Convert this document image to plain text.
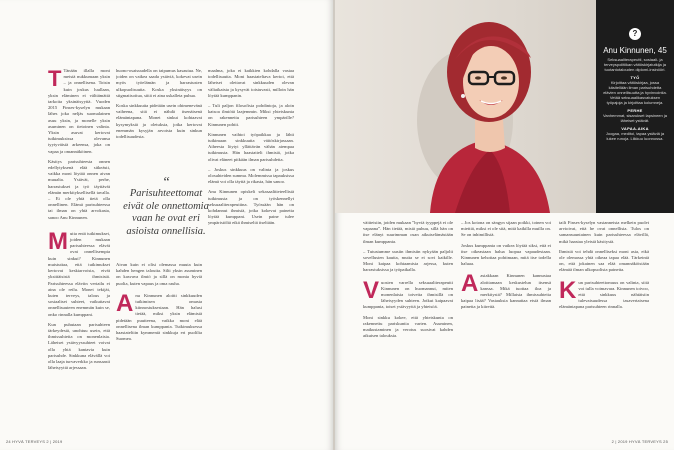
T Tänään illalla moni meistä nukkumaan yksin – ja onnellisena. Toisin kuin joskus luullaan, yksin eläminen ei välttämättä tarkoita yksinäisyyttä. Vuoden 2015 Finses-kyselyn mukaan lähes joka neljäs suomalainen asuu yksin, ja monelle yksin asuminen on tietoinen valinta. Yksin asuvat kertovat tutkimuksissa olevansa tyytyväisiä arkeensa, joka on vapaa ja omannäköinen.

Käsitys parisuhteesta onnen edellytyksenä elää sitkeästi, vaikka moni löytää onnen aivan muualta. Ystävät, perhe, harrastukset ja työ täyttävät elämän merkityksellisellä tavalla. – Ei ole yhtä tietä olla onnellinen. Elämä parisuhteessa tai ilman on yhtä arvokasta, sanoo Anu Kinnunen.

Mutta entä tutkimukset, joiden mukaan parisuhteessa elävät ovat onnellisempia kuin sinkut? Kinnunen muistuttaa, että tutkimukset kertovat keskiarvoista, eivät yksittäisistä ihmisistä. Parisuhteessa eläviin vertailu ei aina ole reilu. Monet tekijät, kuten terveys, talous ja sosiaaliset suhteet, vaikuttavat onnellisuuteen enemmän kuin se, onko rinnalla kumppani.

Kun puhutaan parisuhteen tärkeydestä, unohtuu usein, että ihmissuhteita on monenlaisia. Läheiset ystävyyssuhteet voivat olla yhtä kantavia kuin parisuhde. Sinkkuna elävällä voi olla laaja turvaverkko ja runsaasti läheisyyttä arjessaan.

huono-osaisuudella on taipumus kasautua. Ne, joiden on vaikea saada ystäviä, kokevat usein myös työelämän ja harrastusten ulkopuolisuutta. Koska yksinäisyys on stigmatisoitua, siitä ei aina uskalleta puhua.

Koska sinkkuutta pidetään usein ohimenevänä vaiheena, sitä ei nähdä itsenäisenä elämäntapana. Monet sinkut kohtaavat kysymyksiä ja oletuksia, jotka kertovat enemmän kysyjän arvoista kuin sinkun todellisuudesta.

“
Parisuhteettomat eivät ole onnettomia vaan he ovat eri asioista onnellisia.

Aivan kuin ei olisi olemassa muuta kuin kahden hengen taloutta. Silti yksin asuminen on kasvava ilmiö ja sillä on monia hyviä puolia, kuten vapaus ja oma rauha.

Anu Kinnunen aloitti sinkkuuden tutkimisen omasta kiinnostuksestaan. Hän halusi tietää, miksi yksin elämistä pidetään puutteena, vaikka moni elää onnellisena ilman kumppania. Tutkimuksessa haastateltiin kymmeniä sinkkuja eri puolilta Suomea.

maalma, joka ei kaikkien kohdalla vastaa todellisuutta. Moni haastateltava kertoi, että läheiset olettavat sinkkuuden olevan väliaikaista ja kysyvät toistuvasti, milloin hän löytää kumppanin.

– Tuli paljon filosofisia pohdintoja, ja aloin katsoa ilmiötä laajemmin. Miksi yhteiskunta on rakennettu parisuhteen ympärille? Kinnunen pohtii.

Kinnunen vaihtoi työpaikkaa ja lähti tutkimaan sinkkuutta väitöskirjassaan. Aiheesta löytyi yllättävän vähän aiempaa tutkimusta. Hän haastatteli ihmisiä, jotka olivat eläneet pitkään ilman parisuhdetta.

– Joskus sinkkuus on valinta ja joskus olosuhteiden summa. Molemmissa tapauksissa elämä voi olla täyttä ja rikasta, hän sanoo.

Anu Kinnunen opiskeli sekasaalitieteellistä tutkimusta ja on työskennellyt seksuaaliterapeuttina. Työssään hän on kohdannut ihmisiä, jotka kokevat painetta löytää kumppani. Usein paine tulee ympäristöltä eikä ihmiseltä itseltään.

24 HYVÄ TERVEYS 2 | 2019
?
Anu Kinnunen, 45
Seksuaaliterapeutti, sosiaali- ja terveyspolitiikan väitöskirjatutkija ja tuotantotalouden diplomi-insinööri.
TYÖ
Kirjoittaa väitöskirjaa, jossa käsitellään ilman parisuhdetta elävien onnellisuutta ja hyvinvointia. Vetää seksuaalikasvatuksen työpajoja ja kirjoittaa kolumneja.
PERHE
Vanhemmat, sisarukset lapsineen ja läheiset ystävät.
VAPAA-AIKA
Joogaa, meditoi, tapaa ystäviä ja lukee runoja. Liikkuu luonnossa.

väitteisiin, joiden mukaan ”hyviä tyyppejä ei ole vapaana”. Hän tietää, mistä puhuu, sillä hän on itse elänyt suurimman osan aikuiselämästään ilman kumppania.

– Tutustumme uusiin ihmisiin nykyään paljolti sovellusten kautta, mutta se ei sovi kaikille. Moni kaipaa kohtaamisia arjessa, kuten harrastuksissa ja työpaikalla.

Vuosien varrella seksuaaliterapeutti Kinnunen on huomannut, miten monenlaisia toiveita ihmisillä on läheisyyden suhteen. Jotkut kaipaavat kumppania, toiset ystävyyttä ja yhteisöä.

Moni sinkku kokee, että yhteiskunta on rakennettu pariskuntia varten. Asuminen, matkustaminen ja verotus suosivat kahden aikuisen talouksia.

– Jos kotona on sängyn sijaan poikki, toinen voi miettiä, miksi ei ole sitä, mitä kaikilla muilla on. Se on inhimillistä.

Joskus kumppania on vaikea löytää siksi, että ei itse oikeastaan halua luopua vapaudestaan. Kinnunen kehottaa pohtimaan, mitä itse todella haluaa.

Aasiakkaan Kinnunen kannustaa aloittamaan keskustelun itsensä kanssa. Mikä tuottaa iloa ja merkitystä? Millaisia ihmissuhteita kaipaa lisää? Vastauksia kannattaa etsiä ilman painetta ja kiirettä.

tailt Finses-kyselyn vastanneista melkein puolet arvioivat, että he ovat onnellisia. Tulos on samansuuntainen kuin parisuhteessa elävillä, mikä haastaa yleistä käsitystä.

Ihmistä voi tehdä onnelliseksi moni asia, eikä ole olemassa yhtä oikeaa tapaa elää. Tärkeintä on, että jokainen saa elää omannäköistään elämää ilman ulkopuolista painetta.

Kun parisuhteettomuus on valinta, siitä voi tulla voimavara. Kinnunen toivoo, että sinkkuus nähtäisiin tulevaisuudessa tasavertaisena elämäntapana parisuhteen rinnalla.

2 | 2019 HYVÄ TERVEYS 25
